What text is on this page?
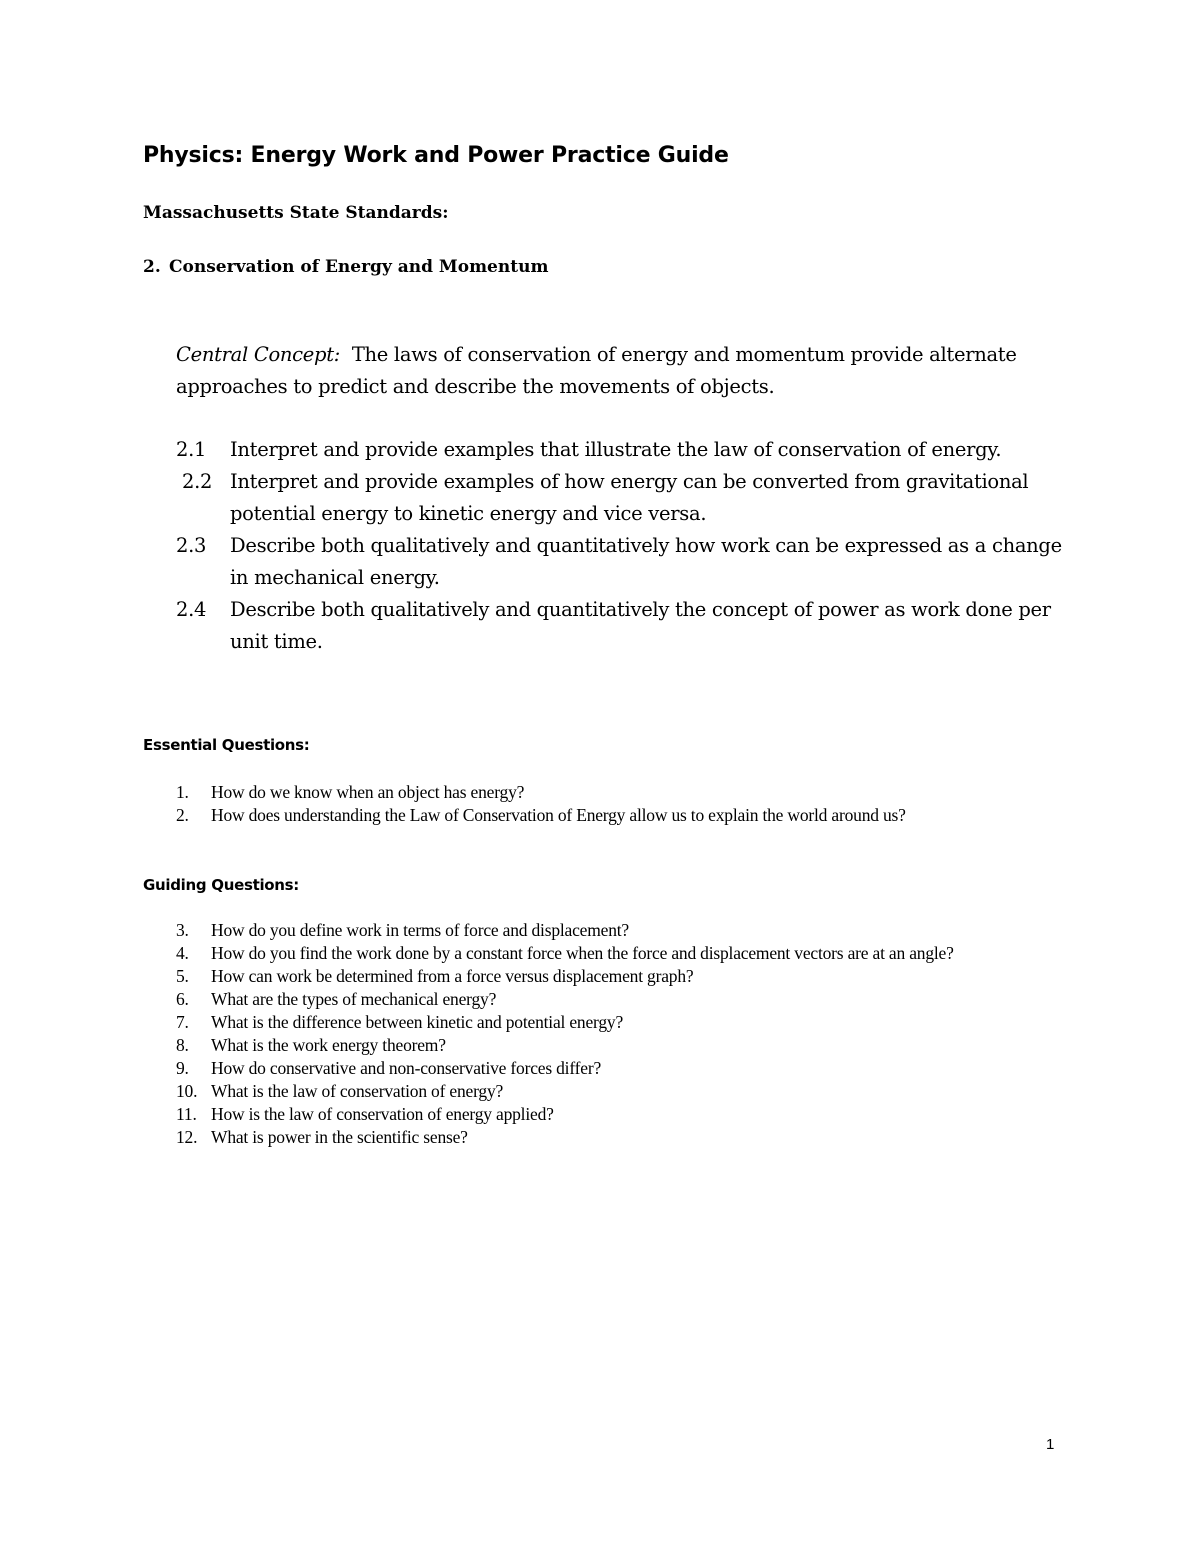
Physics: Energy Work and Power Practice Guide
Massachusetts State Standards:
2. Conservation of Energy and Momentum
Central Concept: The laws of conservation of energy and momentum provide alternate approaches to predict and describe the movements of objects.
2.1	Interpret and provide examples that illustrate the law of conservation of energy.
2.2 Interpret and provide examples of how energy can be converted from gravitational potential energy to kinetic energy and vice versa.
2.3	Describe both qualitatively and quantitatively how work can be expressed as a change in mechanical energy.
2.4	Describe both qualitatively and quantitatively the concept of power as work done per unit time.
Essential Questions:
1.	How do we know when an object has energy?
2.	How does understanding the Law of Conservation of Energy allow us to explain the world around us?
Guiding Questions:
3.	How do you define work in terms of force and displacement?
4.	How do you find the work done by a constant force when the force and displacement vectors are at an angle?
5.	How can work be determined from a force versus displacement graph?
6.	What are the types of mechanical energy?
7.	What is the difference between kinetic and potential energy?
8.	What is the work energy theorem?
9.	How do conservative and non-conservative forces differ?
10. What is the law of conservation of energy?
11. How is the law of conservation of energy applied?
12. What is power in the scientific sense?
1
